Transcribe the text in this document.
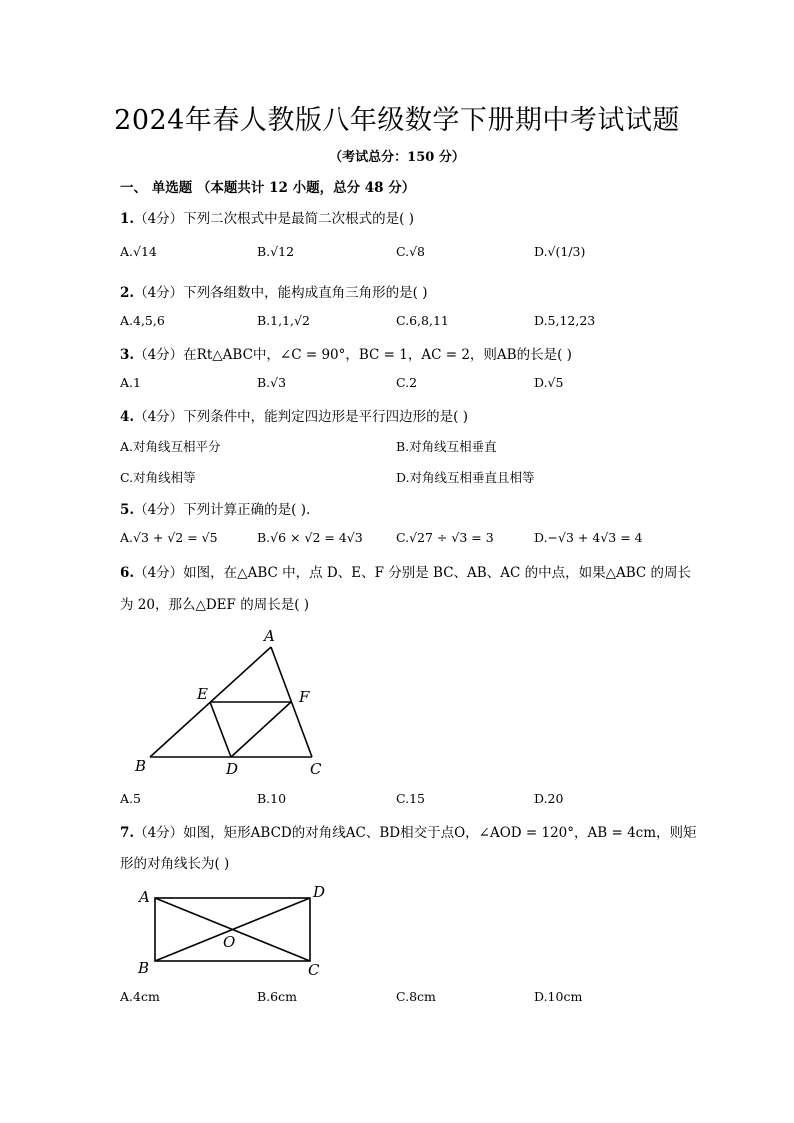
2024年春人教版八年级数学下册期中考试试题
（考试总分：150 分）
一、 单选题 （本题共计 12 小题，总分 48 分）
1.（4分）下列二次根式中是最简二次根式的是( )
A.√14	B.√12	C.√8	D.√(1/3)
2.（4分）下列各组数中，能构成直角三角形的是( )
A.4,5,6	B.1,1,√2	C.6,8,11	D.5,12,23
3.（4分）在Rt△ABC中，∠C = 90°，BC = 1，AC = 2，则AB的长是( )
A.1	B.√3	C.2	D.√5
4.（4分）下列条件中，能判定四边形是平行四边形的是( )
A.对角线互相平分	B.对角线互相垂直
C.对角线相等	D.对角线互相垂直且相等
5.（4分）下列计算正确的是( ).
A.√3 + √2 = √5	B.√6 × √2 = 4√3	C.√27 ÷ √3 = 3	D.−√3 + 4√3 = 4
6.（4分）如图，在△ABC 中，点 D、E、F 分别是 BC、AB、AC 的中点，如果△ABC 的周长
为 20，那么△DEF 的周长是( )
A
E	F
B	D	C
A.5	B.10	C.15	D.20
7.（4分）如图，矩形ABCD的对角线AC、BD相交于点O，∠AOD = 120°，AB = 4cm，则矩
形的对角线长为( )
A	D
O
B	C
A.4cm	B.6cm	C.8cm	D.10cm
